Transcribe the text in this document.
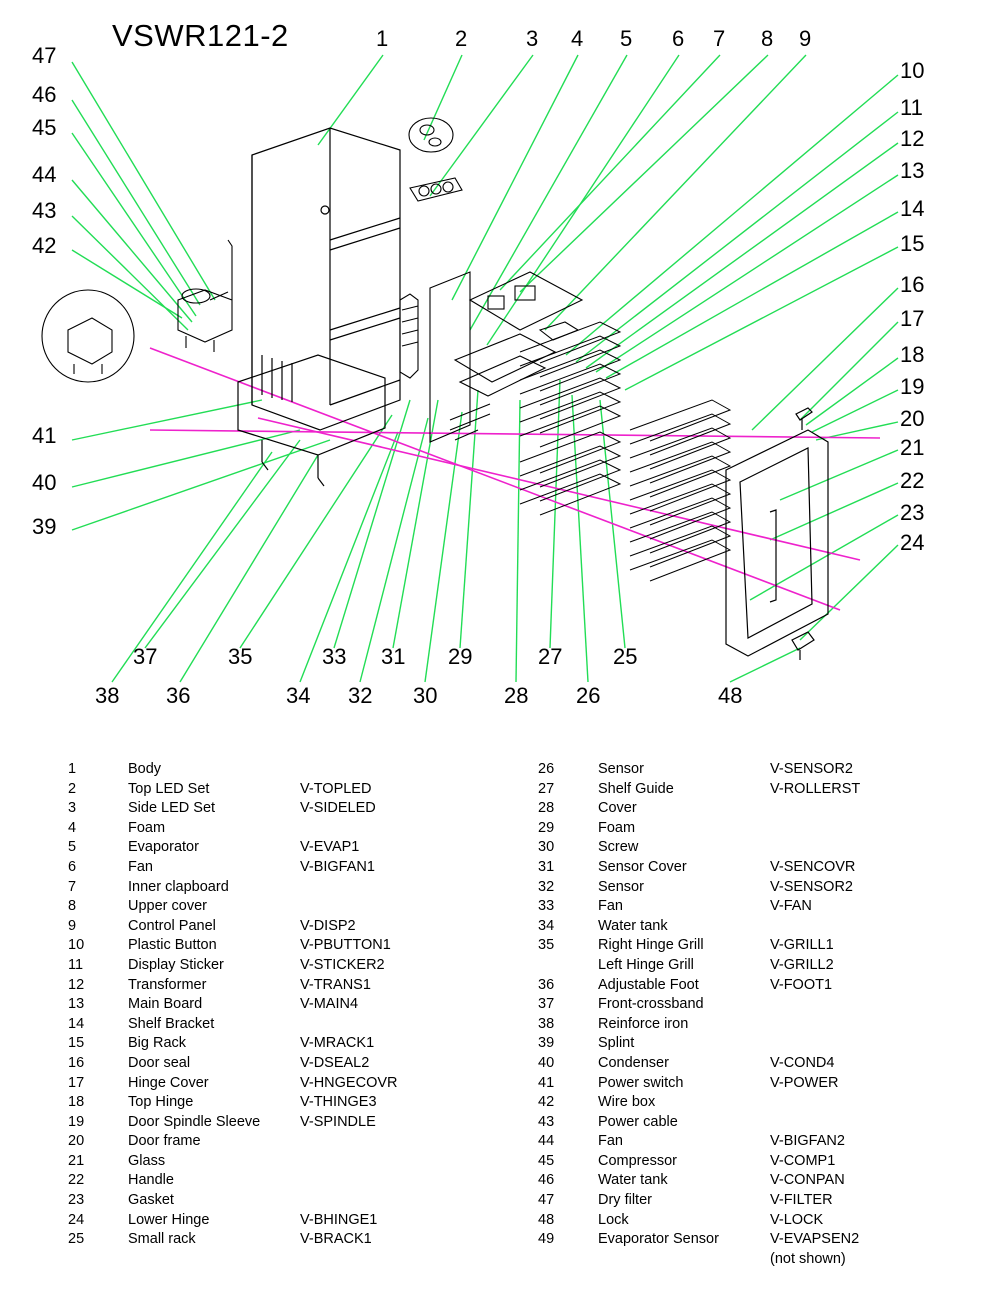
VSWR121-2	1	2	3 4 5 6 7 8 9
47
46
45
44
43
42
41
40
39
10
11
12
13
14
15
16
17
18
19
20
21
22
23
24
37	35	33 31 29	27 25
38 36	34 32 30	28 26	48
1	Body
2	Top LED Set	V-TOPLED
3	Side LED Set	V-SIDELED
4	Foam
5	Evaporator	V-EVAP1
6	Fan	V-BIGFAN1
7	Inner clapboard
8	Upper cover
9	Control Panel	V-DISP2
10	Plastic Button	V-PBUTTON1
11	Display Sticker	V-STICKER2
12	Transformer	V-TRANS1
13	Main Board	V-MAIN4
14	Shelf Bracket
15	Big Rack	V-MRACK1
16	Door seal	V-DSEAL2
17	Hinge Cover	V-HNGECOVR
18	Top Hinge	V-THINGE3
19	Door Spindle Sleeve	V-SPINDLE
20	Door frame
21	Glass
22	Handle
23	Gasket
24	Lower Hinge	V-BHINGE1
25	Small rack	V-BRACK1
26	Sensor	V-SENSOR2
27	Shelf Guide	V-ROLLERST
28	Cover
29	Foam
30	Screw
31	Sensor Cover	V-SENCOVR
32	Sensor	V-SENSOR2
33	Fan	V-FAN
34	Water tank
35	Right Hinge Grill	V-GRILL1
Left Hinge Grill	V-GRILL2
36	Adjustable Foot	V-FOOT1
37	Front-crossband
38	Reinforce iron
39	Splint
40	Condenser	V-COND4
41	Power switch	V-POWER
42	Wire box
43	Power cable
44	Fan	V-BIGFAN2
45	Compressor	V-COMP1
46	Water tank	V-CONPAN
47	Dry filter	V-FILTER
48	Lock	V-LOCK
49	Evaporator Sensor	V-EVAPSEN2
(not shown)
